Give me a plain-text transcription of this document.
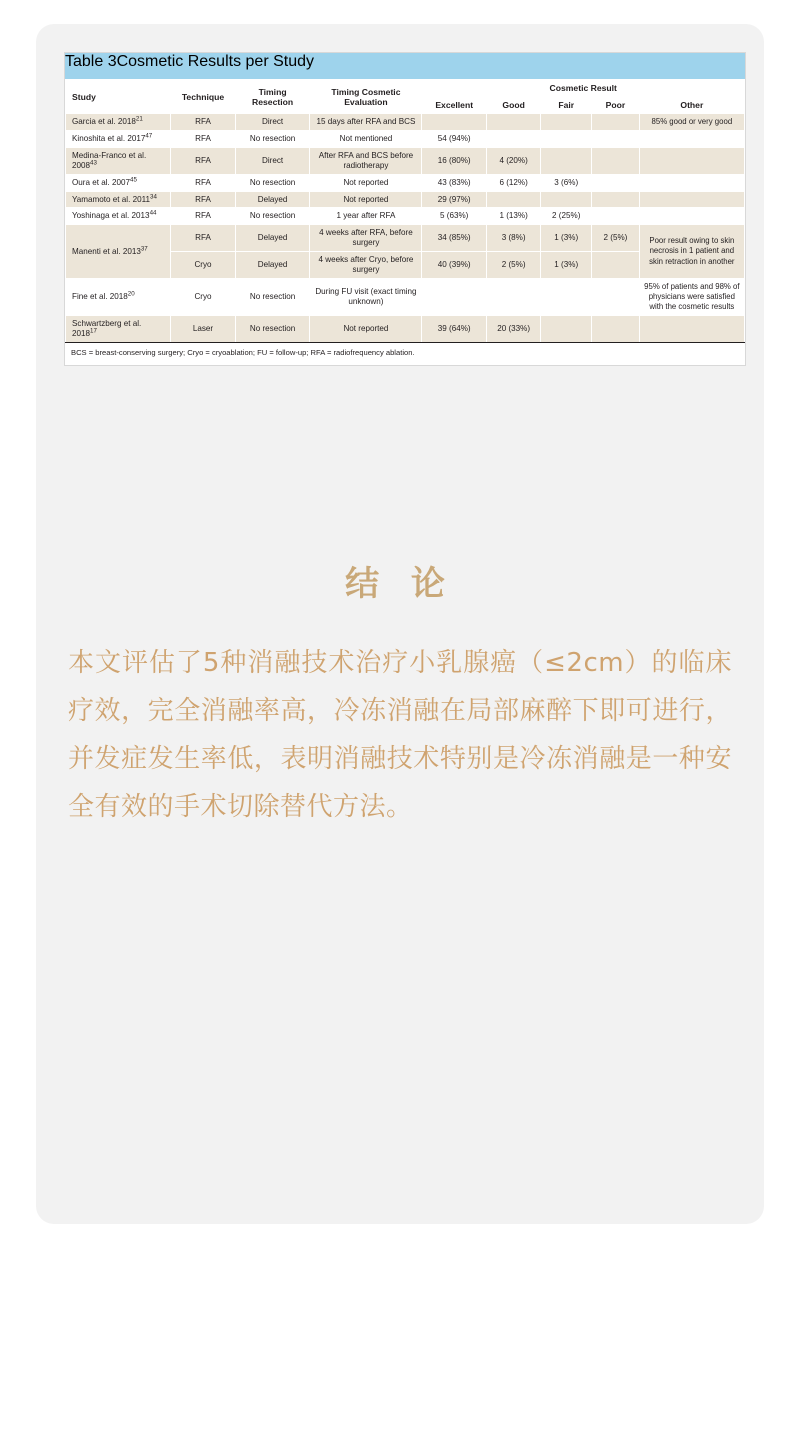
Table 3 Cosmetic Results per Study
Study	Technique	Timing Resection	Timing Cosmetic Evaluation	Cosmetic Result				
				Excellent	Good	Fair	Poor	Other
Garcia et al. 2018$^{21}$	RFA	Direct	15 days after RFA and BCS					85% good or very good
Kinoshita et al. 2017$^{47}$	RFA	No resection	Not mentioned	54 (94%)				
Medina-Franco et al. 2008$^{43}$	RFA	Direct	After RFA and BCS before radiotherapy	16 (80%)	4 (20%)			
Oura et al. 2007$^{45}$	RFA	No resection	Not reported	43 (83%)	6 (12%)	3 (6%)		
Yamamoto et al. 2011$^{34}$	RFA	Delayed	Not reported	29 (97%)				
Yoshinaga et al. 2013$^{44}$	RFA	No resection	1 year after RFA	5 (63%)	1 (13%)	2 (25%)		
Manenti et al. 2013$^{37}$	RFA	Delayed	4 weeks after RFA, before surgery	34 (85%)	3 (8%)	1 (3%)	2 (5%)	Poor result owing to skin necrosis in 1 patient and skin retraction in another
	Cryo	Delayed	4 weeks after Cryo, before surgery	40 (39%)	2 (5%)	1 (3%)		
Fine et al. 2018$^{20}$	Cryo	No resection	During FU visit (exact timing unknown)					95% of patients and 98% of physicians were satisfied with the cosmetic results
Schwartzberg et al. 2018$^{17}$	Laser	No resection	Not reported	39 (64%)	20 (33%)			
BCS = breast-conserving surgery; Cryo = cryoablation; FU = follow-up; RFA = radiofrequency ablation.
结 论

本文评估了5种消融技术治疗小乳腺癌（≤2cm）的临床疗效，完全消融率高，冷冻消融在局部麻醉下即可进行，并发症发生率低，表明消融技术特别是冷冻消融是一种安全有效的手术切除替代方法。
